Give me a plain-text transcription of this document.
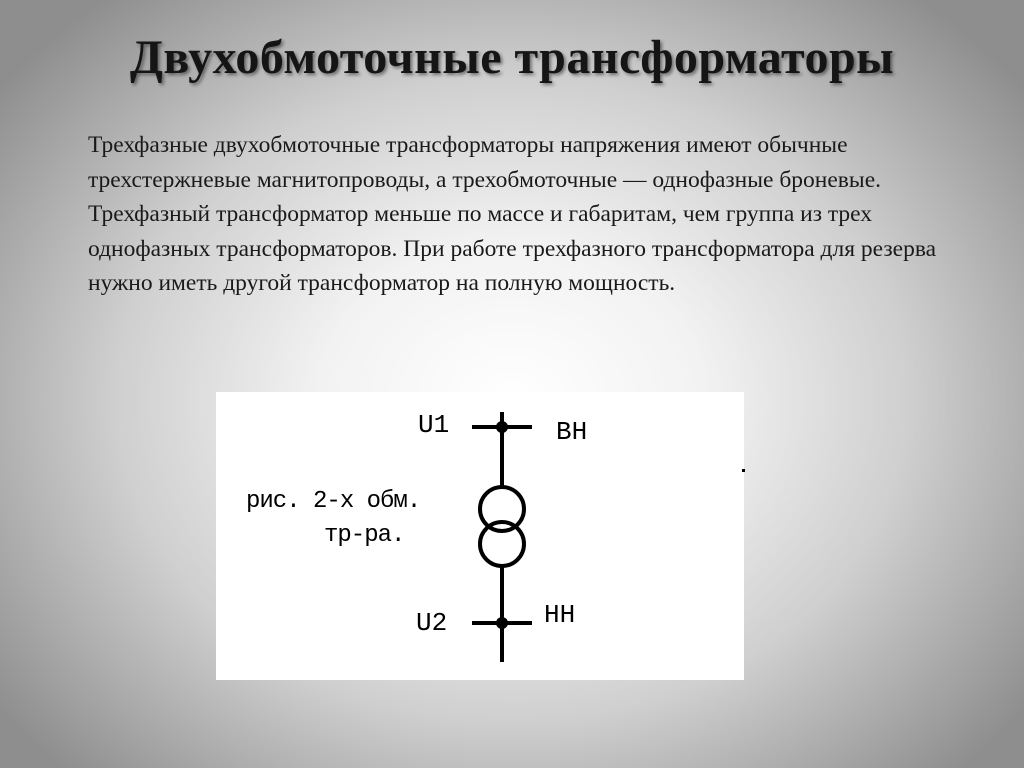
Двухобмоточные трансформаторы

Трехфазные двухобмоточные трансформаторы напряжения имеют обычные трехстержневые магнитопроводы, а трехобмоточные — однофазные броневые. Трехфазный трансформатор меньше по массе и габаритам, чем группа из трех однофазных трансформаторов. При работе трехфазного трансформатора для резерва нужно иметь другой трансформатор на полную мощность.

U1	ВН
рис. 2-х обм.
тр-ра.
U2	НН
